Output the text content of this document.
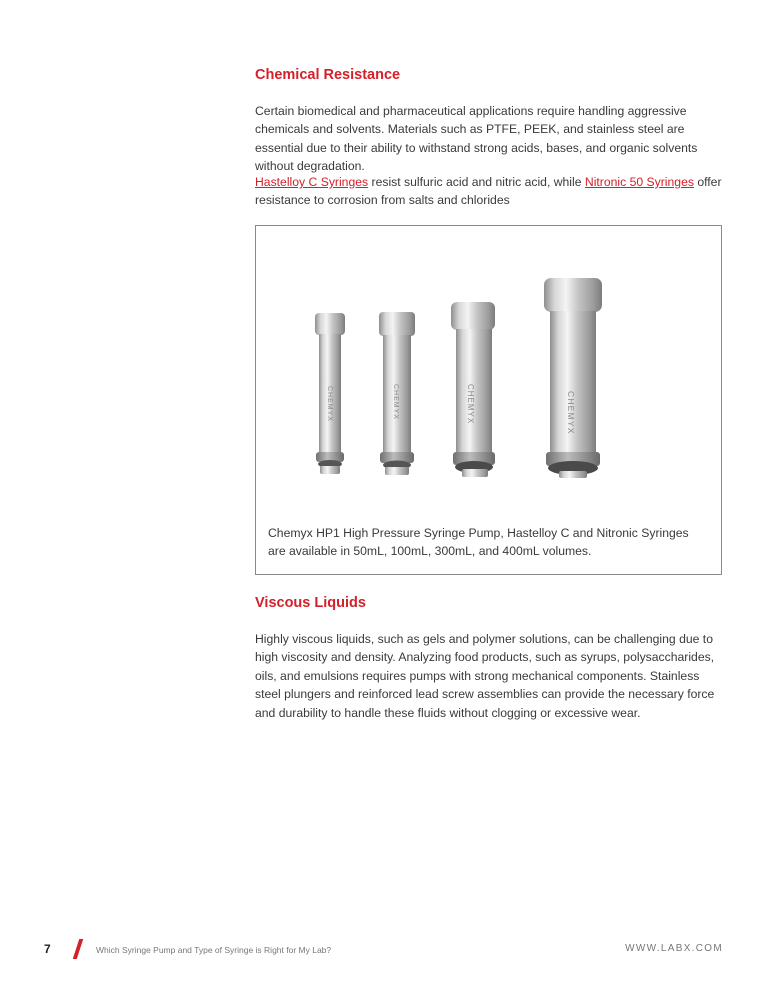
Chemical Resistance

Certain biomedical and pharmaceutical applications require handling aggressive chemicals and solvents. Materials such as PTFE, PEEK, and stainless steel are essential due to their ability to withstand strong acids, bases, and organic solvents without degradation.

Hastelloy C Syringes resist sulfuric acid and nitric acid, while Nitronic 50 Syringes offer resistance to corrosion from salts and chlorides

Viscous Liquids

Highly viscous liquids, such as gels and polymer solutions, can be challenging due to high viscosity and density. Analyzing food products, such as syrups, polysaccharides, oils, and emulsions requires pumps with strong mechanical components. Stainless steel plungers and reinforced lead screw assemblies can provide the necessary force and durability to handle these fluids without clogging or excessive wear.

CHEMYX	CHEMYX	CHEMYX	CHEMYX
Chemyx HP1 High Pressure Syringe Pump, Hastelloy C and Nitronic Syringes are available in 50mL, 100mL, 300mL, and 400mL volumes.
7	Which Syringe Pump and Type of Syringe is Right for My Lab?	WWW.LABX.COM
